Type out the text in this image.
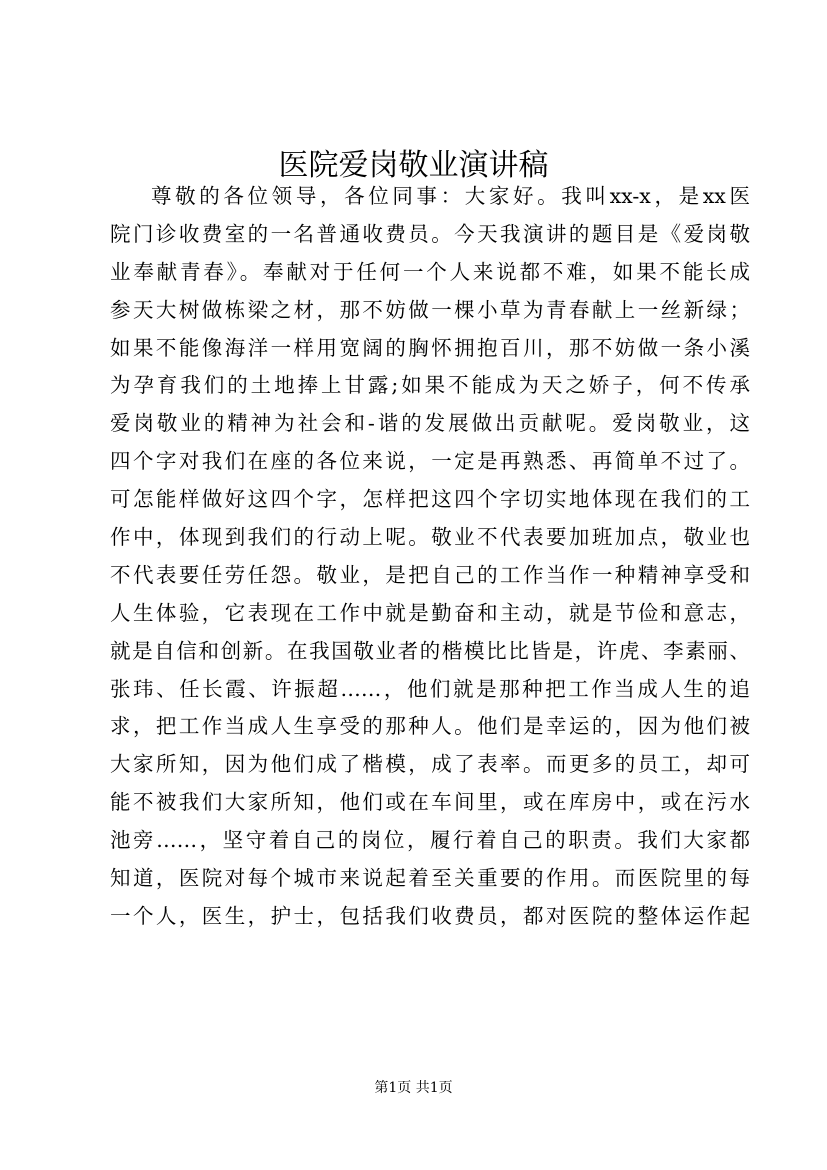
医院爱岗敬业演讲稿
尊敬的各位领导，各位同事：大家好。我叫xx-x，是xx医
院门诊收费室的一名普通收费员。今天我演讲的题目是《爱岗敬
业奉献青春》。奉献对于任何一个人来说都不难，如果不能长成
参天大树做栋梁之材，那不妨做一棵小草为青春献上一丝新绿；
如果不能像海洋一样用宽阔的胸怀拥抱百川，那不妨做一条小溪
为孕育我们的土地捧上甘露;如果不能成为天之娇子，何不传承
爱岗敬业的精神为社会和-谐的发展做出贡献呢。爱岗敬业，这
四个字对我们在座的各位来说，一定是再熟悉、再简单不过了。
可怎能样做好这四个字，怎样把这四个字切实地体现在我们的工
作中，体现到我们的行动上呢。敬业不代表要加班加点，敬业也
不代表要任劳任怨。敬业，是把自己的工作当作一种精神享受和
人生体验，它表现在工作中就是勤奋和主动，就是节俭和意志，
就是自信和创新。在我国敬业者的楷模比比皆是，许虎、李素丽、
张玮、任长霞、许振超……，他们就是那种把工作当成人生的追
求，把工作当成人生享受的那种人。他们是幸运的，因为他们被
大家所知，因为他们成了楷模，成了表率。而更多的员工，却可
能不被我们大家所知，他们或在车间里，或在库房中，或在污水
池旁……，坚守着自己的岗位，履行着自己的职责。我们大家都
知道，医院对每个城市来说起着至关重要的作用。而医院里的每
一个人，医生，护士，包括我们收费员，都对医院的整体运作起
第1页 共1页
